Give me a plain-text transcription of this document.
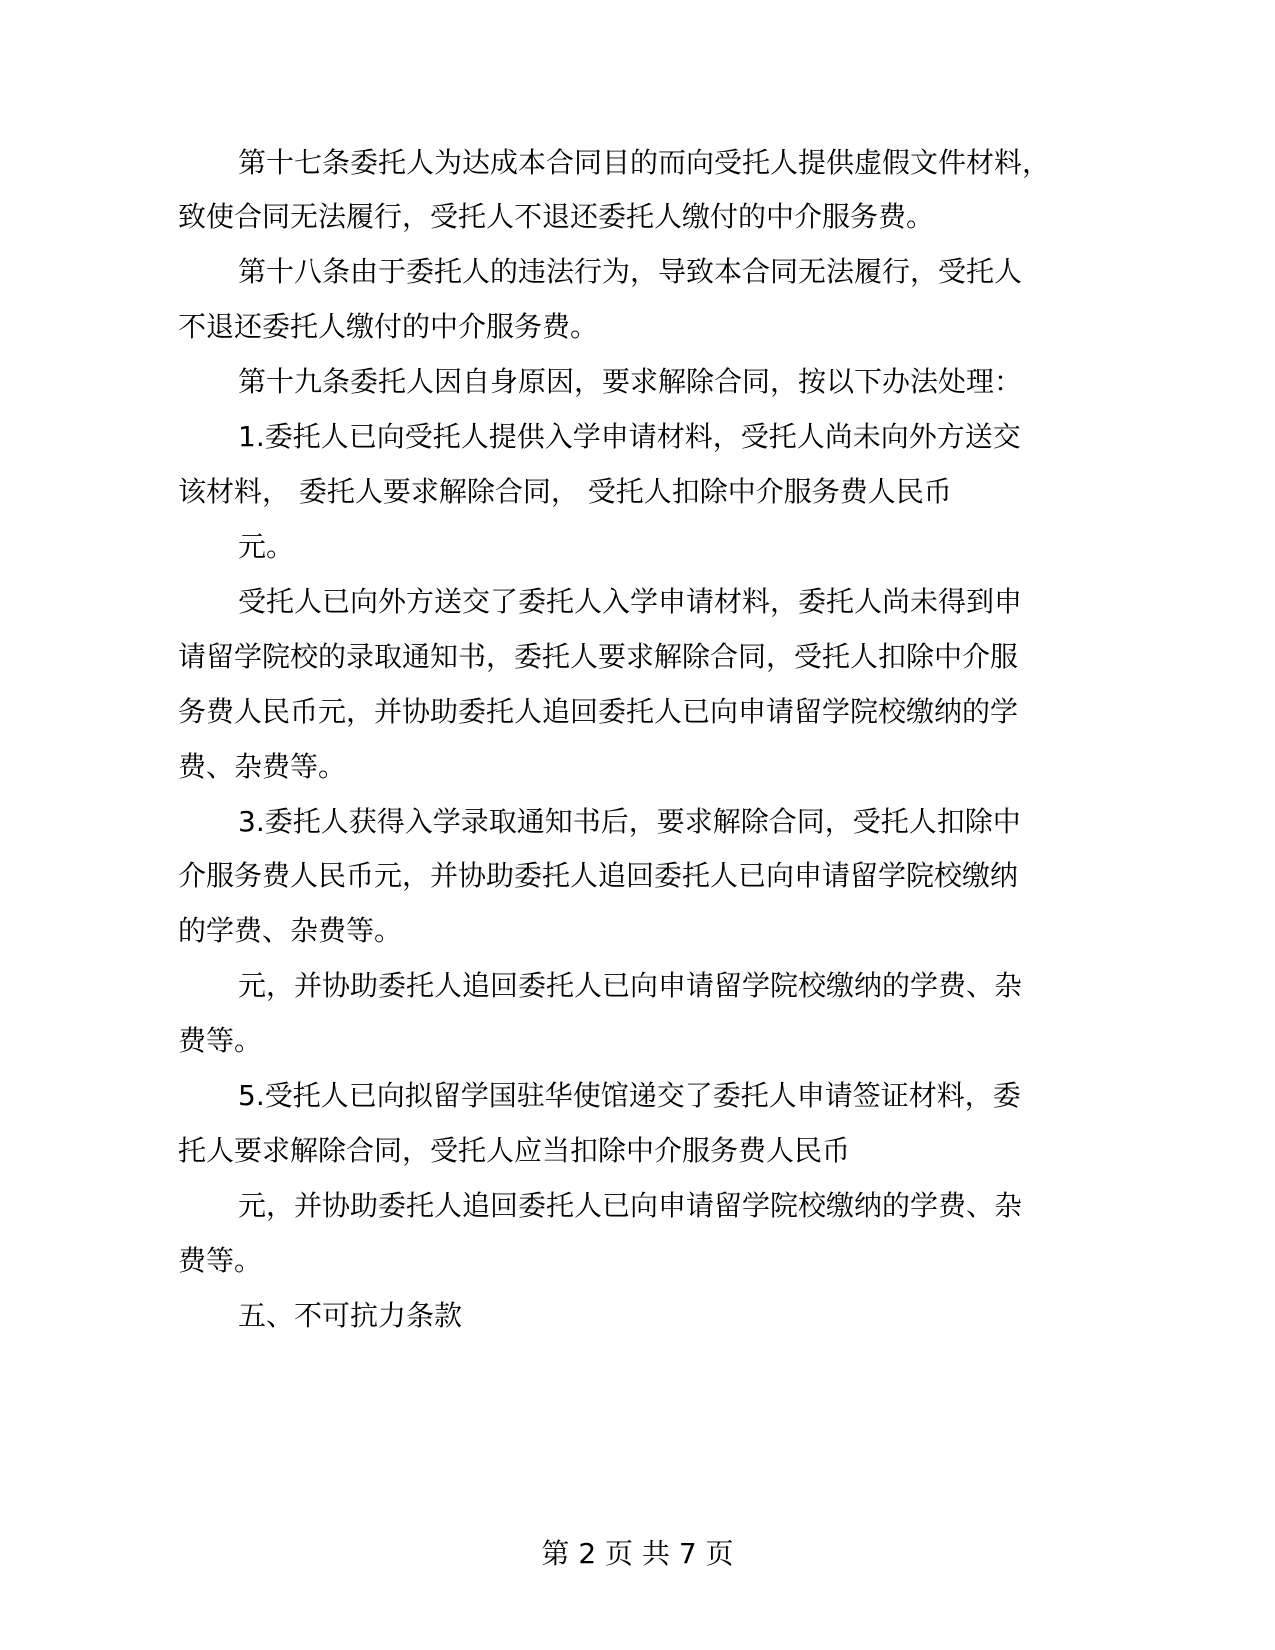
第十七条委托人为达成本合同目的而向受托人提供虚假文件材料，

致使合同无法履行，受托人不退还委托人缴付的中介服务费。

第十八条由于委托人的违法行为，导致本合同无法履行，受托人

不退还委托人缴付的中介服务费。

第十九条委托人因自身原因，要求解除合同，按以下办法处理：

1.委托人已向受托人提供入学申请材料，受托人尚未向外方送交

该材料， 委托人要求解除合同， 受托人扣除中介服务费人民币

元。

受托人已向外方送交了委托人入学申请材料，委托人尚未得到申

请留学院校的录取通知书，委托人要求解除合同，受托人扣除中介服

务费人民币元，并协助委托人追回委托人已向申请留学院校缴纳的学

费、杂费等。

3.委托人获得入学录取通知书后，要求解除合同，受托人扣除中

介服务费人民币元，并协助委托人追回委托人已向申请留学院校缴纳

的学费、杂费等。

元，并协助委托人追回委托人已向申请留学院校缴纳的学费、杂

费等。

5.受托人已向拟留学国驻华使馆递交了委托人申请签证材料，委

托人要求解除合同，受托人应当扣除中介服务费人民币

元，并协助委托人追回委托人已向申请留学院校缴纳的学费、杂

费等。

五、不可抗力条款

第 2 页 共 7 页
